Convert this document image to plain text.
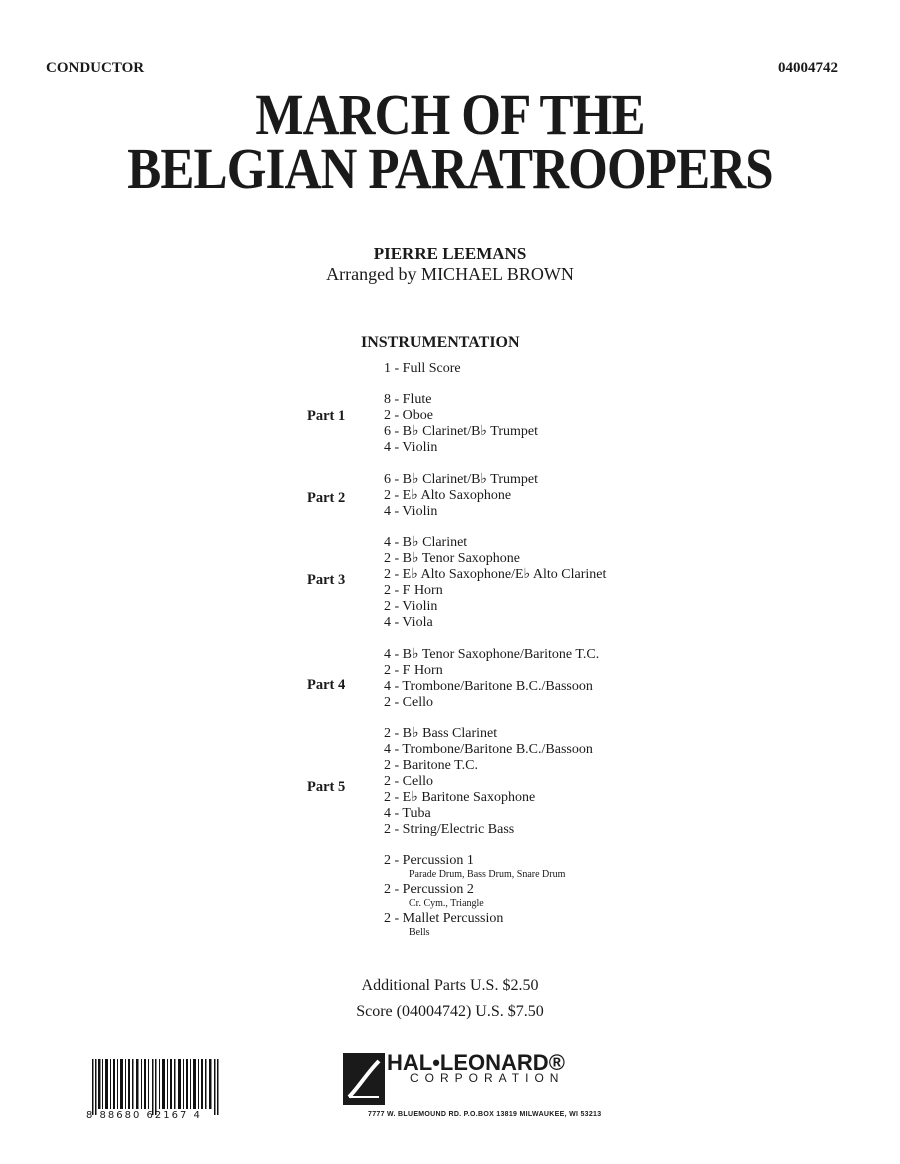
CONDUCTOR	04004742
MARCH OF THE
BELGIAN PARATROOPERS
PIERRE LEEMANS
Arranged by MICHAEL BROWN
INSTRUMENTATION
1 - Full Score
Part 1
8 - Flute
2 - Oboe
6 - B♭ Clarinet/B♭ Trumpet
4 - Violin
Part 2
6 - B♭ Clarinet/B♭ Trumpet
2 - E♭ Alto Saxophone
4 - Violin
Part 3
4 - B♭ Clarinet
2 - B♭ Tenor Saxophone
2 - E♭ Alto Saxophone/E♭ Alto Clarinet
2 - F Horn
2 - Violin
4 - Viola
Part 4
4 - B♭ Tenor Saxophone/Baritone T.C.
2 - F Horn
4 - Trombone/Baritone B.C./Bassoon
2 - Cello
Part 5
2 - B♭ Bass Clarinet
4 - Trombone/Baritone B.C./Bassoon
2 - Baritone T.C.
2 - Cello
2 - E♭ Baritone Saxophone
4 - Tuba
2 - String/Electric Bass
2 - Percussion 1
Parade Drum, Bass Drum, Snare Drum
2 - Percussion 2
Cr. Cym., Triangle
2 - Mallet Percussion
Bells
Additional Parts U.S. $2.50
Score (04004742) U.S. $7.50
8 88680 62167 4
HAL•LEONARD®
CORPORATION
7777 W. BLUEMOUND RD. P.O.BOX 13819 MILWAUKEE, WI 53213
